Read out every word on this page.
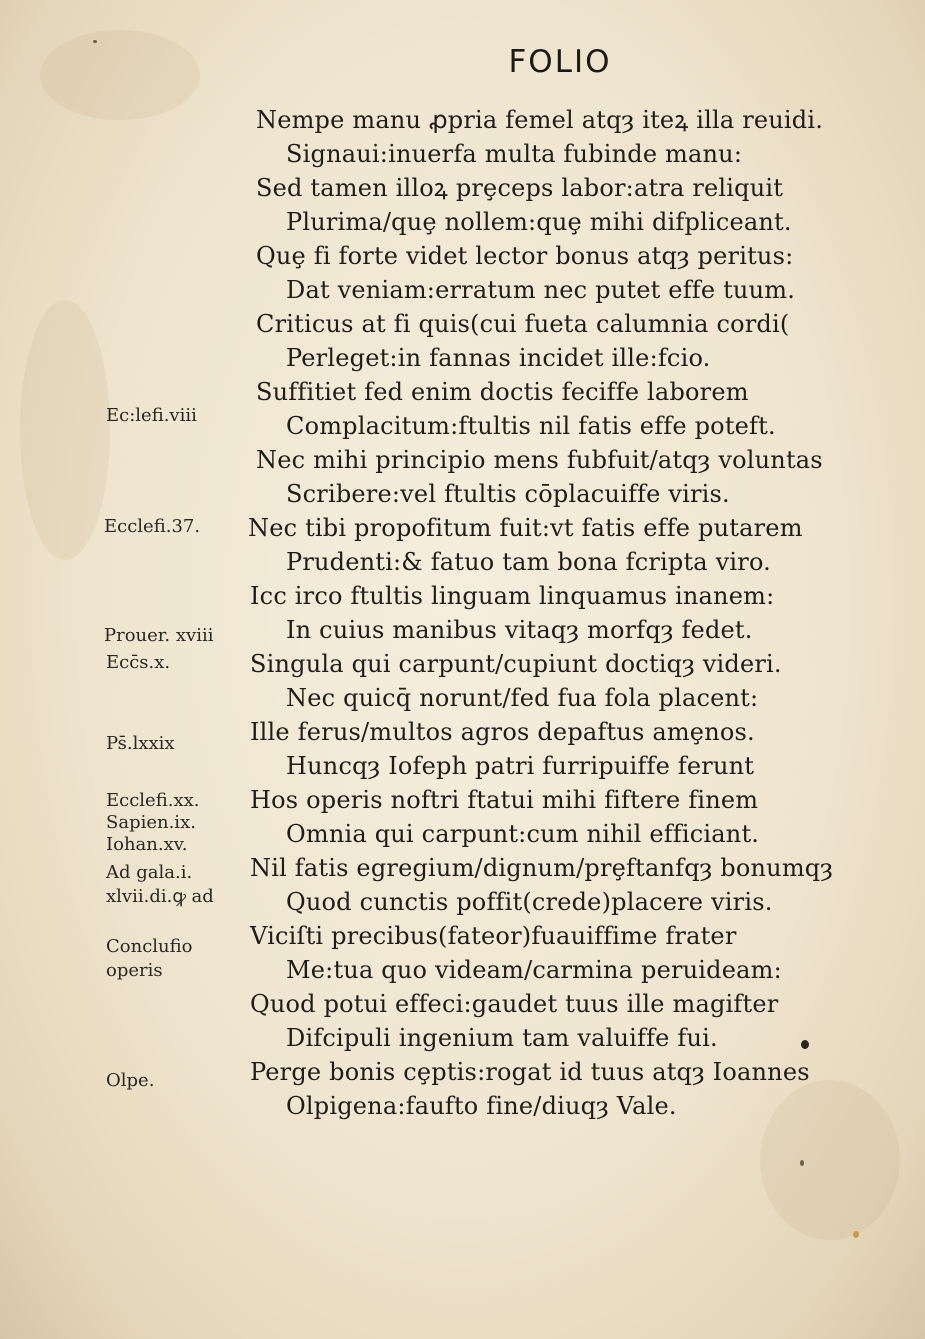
FOLIO
Nempe manu ꝓpria femel atqȝ iteꝝ illa reuidi.
Signaui:inuerfa multa fubinde manu:
Sed tamen illoꝝ prȩceps labor:atra reliquit
Plurima/quȩ nollem:quȩ mihi difpliceant.
Quȩ fi forte videt lector bonus atqȝ peritus:
Dat veniam:erratum nec putet effe tuum.
Criticus at fi quis(cui fueta calumnia cordi(
Perleget:in fannas incidet ille:fcio.
Suffitiet fed enim doctis feciffe laborem
Complacitum:ftultis nil fatis effe poteft.
Nec mihi principio mens fubfuit/atqȝ voluntas
Scribere:vel ftultis cōplacuiffe viris.
Nec tibi propofitum fuit:vt fatis effe putarem
Prudenti:& fatuo tam bona fcripta viro.
Icc irco ftultis linguam linquamus inanem:
In cuius manibus vitaqȝ morfqȝ fedet.
Singula qui carpunt/cupiunt doctiqȝ videri.
Nec quicq̄ norunt/fed fua fola placent:
Ille ferus/multos agros depaftus amȩnos.
Huncqȝ Iofeph patri furripuiffe ferunt
Hos operis noftri ftatui mihi fiftere finem
Omnia qui carpunt:cum nihil efficiant.
Nil fatis egregium/dignum/prȩftanfqȝ bonumqȝ
Quod cunctis poffit(crede)placere viris.
Viciſti precibus(fateor)fuauiffime frater
Me:tua quo videam/carmina peruideam:
Quod potui effeci:gaudet tuus ille magifter
Difcipuli ingenium tam valuiffe fui.
Perge bonis cȩptis:rogat id tuus atqȝ Ioannes
Olpigena:faufto fine/diuqȝ Vale.
Ec:lefi.viii
Ecclefi.37.
Prouer. xviii
Ecc̄s.x.
Ps̄.lxxix
Ecclefi.xx.
Sapien.ix.
Iohan.xv.
Ad gala.i.
xlvii.di.ꝙ ad
Conclufio
operis
Olpe.
